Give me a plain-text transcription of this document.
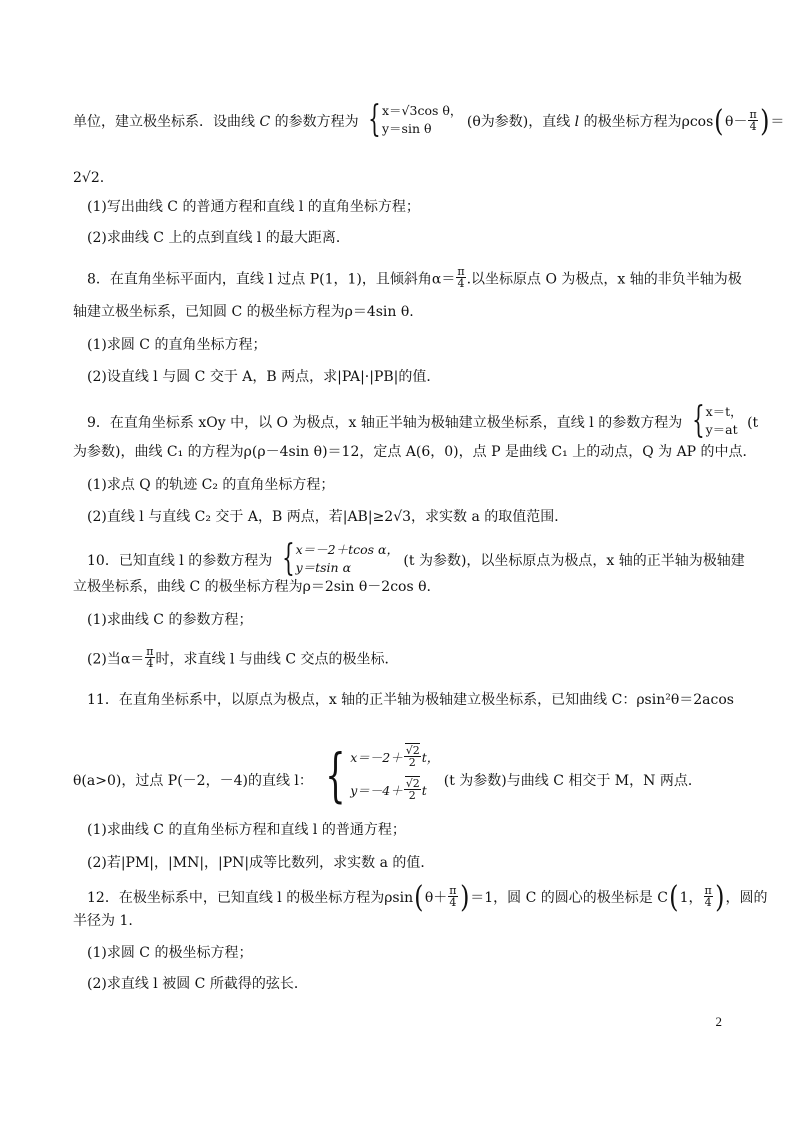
单位，建立极坐标系．设曲线 C 的参数方程为 { x＝√3cos θ，
y＝sin θ	(θ为参数)，直线 l 的极坐标方程为$\rho\cos(\theta- \frac{\pi}{4}$ )＝
2√2.
(1)写出曲线 C 的普通方程和直线 l 的直角坐标方程；
(2)求曲线 C 上的点到直线 l 的最大距离．
8．在直角坐标平面内，直线 l 过点 P(1，1)，且倾斜角$\alpha= \frac{\pi}{4}$ .以坐标原点 O 为极点，x 轴的非负半轴为极
轴建立极坐标系，已知圆 C 的极坐标方程为ρ＝4sin θ.
(1)求圆 C 的直角坐标方程；
(2)设直线 l 与圆 C 交于 A，B 两点，求|PA|·|PB|的值．
9．在直角坐标系 xOy 中，以 O 为极点，x 轴正半轴为极轴建立极坐标系，直线 l 的参数方程为 { x＝t，
y＝at (t
为参数)，曲线 C₁ 的方程为ρ(ρ－4sin θ)＝12，定点 A(6，0)，点 P 是曲线 C₁ 上的动点，Q 为 AP 的中点．
(1)求点 Q 的轨迹 C₂ 的直角坐标方程；
(2)直线 l 与直线 C₂ 交于 A，B 两点，若|AB|≥2√3，求实数 a 的取值范围．
10．已知直线 l 的参数方程为 { x＝－2＋tcos α，
y＝tsin α	(t 为参数)，以坐标原点为极点，x 轴的正半轴为极轴建
立极坐标系，曲线 C 的极坐标方程为ρ＝2sin θ－2cos θ.
(1)求曲线 C 的参数方程；
(2)当$\alpha= \frac{\pi}{4}$ 时，求直线 l 与曲线 C 交点的极坐标．
11．在直角坐标系中，以原点为极点，x 轴的正半轴为极轴建立极坐标系，已知曲线 C：ρsin²θ＝2acos
θ(a>0)，过点 P(－2，－4)的直线 l： { $x=-2+ \frac{√2}{2}$ t，
$y=-4+ \frac{√2}{2}$ t
(t 为参数)与曲线 C 相交于 M，N 两点．
(1)求曲线 C 的直角坐标方程和直线 l 的普通方程；
(2)若|PM|，|MN|，|PN|成等比数列，求实数 a 的值．
12．在极坐标系中，已知直线 l 的极坐标方程为$\rho\sin(\theta+ \frac{\pi}{4} )=1$，圆 C 的圆心的极坐标是 C(1， $\frac{\pi}{4}$ )，圆的
半径为 1.
(1)求圆 C 的极坐标方程；
(2)求直线 l 被圆 C 所截得的弦长．
2
